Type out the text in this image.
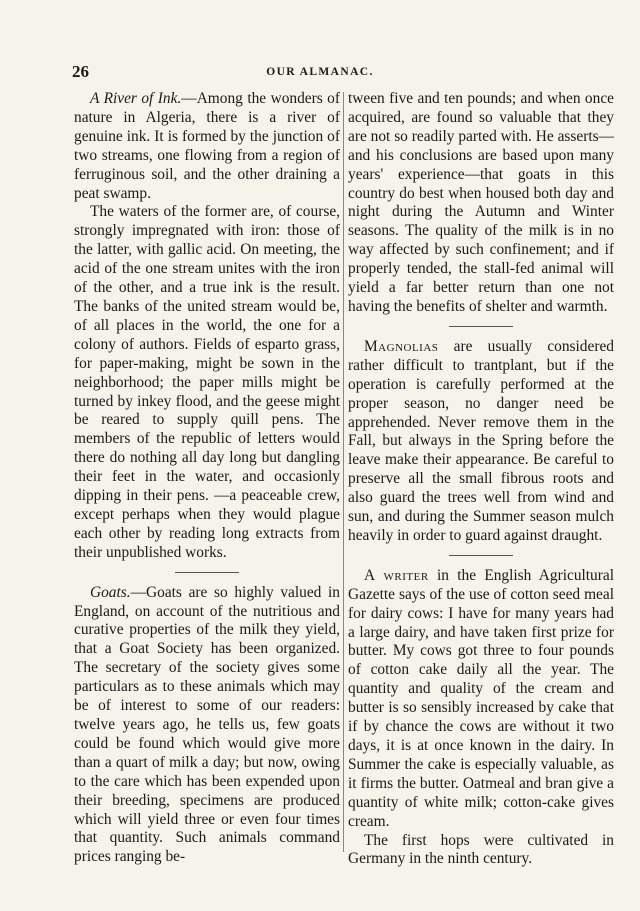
26	OUR ALMANAC.

A River of Ink.—Among the wonders of nature in Algeria, there is a river of genuine ink. It is formed by the junction of two streams, one flowing from a region of ferruginous soil, and the other draining a peat swamp.

The waters of the former are, of course, strongly impregnated with iron: those of the latter, with gallic acid. On meeting, the acid of the one stream unites with the iron of the other, and a true ink is the result. The banks of the united stream would be, of all places in the world, the one for a colony of authors. Fields of esparto grass, for paper-making, might be sown in the neighborhood; the paper mills might be turned by inkey flood, and the geese might be reared to supply quill pens. The members of the republic of letters would there do nothing all day long but dangling their feet in the water, and occasionly dipping in their pens. —a peaceable crew, except perhaps when they would plague each other by reading long extracts from their unpublished works.

Goats.—Goats are so highly valued in England, on account of the nutritious and curative properties of the milk they yield, that a Goat Society has been organized. The secretary of the society gives some particulars as to these animals which may be of interest to some of our readers: twelve years ago, he tells us, few goats could be found which would give more than a quart of milk a day; but now, owing to the care which has been expended upon their breeding, specimens are produced which will yield three or even four times that quantity. Such animals command prices ranging be-

tween five and ten pounds; and when once acquired, are found so valuable that they are not so readily parted with. He asserts—and his conclusions are based upon many years' experience—that goats in this country do best when housed both day and night during the Autumn and Winter seasons. The quality of the milk is in no way affected by such confinement; and if properly tended, the stall-fed animal will yield a far better return than one not having the benefits of shelter and warmth.

Magnolias are usually considered rather difficult to trantplant, but if the operation is carefully performed at the proper season, no danger need be apprehended. Never remove them in the Fall, but always in the Spring before the leave make their appearance. Be careful to preserve all the small fibrous roots and also guard the trees well from wind and sun, and during the Summer season mulch heavily in order to guard against draught.

A writer in the English Agricultural Gazette says of the use of cotton seed meal for dairy cows: I have for many years had a large dairy, and have taken first prize for butter. My cows got three to four pounds of cotton cake daily all the year. The quantity and quality of the cream and butter is so sensibly increased by cake that if by chance the cows are without it two days, it is at once known in the dairy. In Summer the cake is especially valuable, as it firms the butter. Oatmeal and bran give a quantity of white milk; cotton-cake gives cream.

The first hops were cultivated in Germany in the ninth century.
